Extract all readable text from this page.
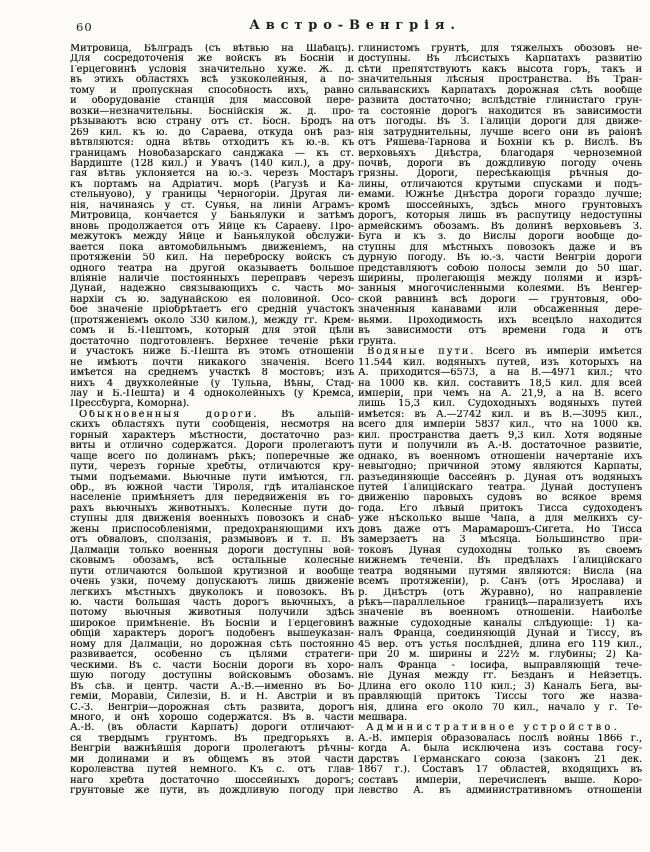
60	Австро-Венгрія.
Митровица, Бѣлградъ (съ вѣтвью на Шабацъ).
Для сосредоточенія же войскъ въ Босніи и
Герцеговинѣ условія значительно хуже. Ж. д.
въ этихъ областяхъ всѣ узкоколейныя, а по-
тому и пропускная способность ихъ, равно
и оборудованіе станцій для массовой пере-
возки—незначительны. Боснійскія ж. д. про-
рѣзываютъ всю страну отъ ст. Босн. Бродъ на
269 кил. къ ю. до Сараева, откуда онѣ раз-
вѣтвляются: одна вѣтвь отходитъ къ ю.-в. къ
границамъ Новобазарскаго санджака — къ ст.
Вардиште (128 кил.) и Увачъ (140 кил.), а дру-
гая вѣтвь уклоняется на ю.-з. черезъ Мостаръ
къ портамъ на Адріатич. морѣ (Рагузѣ и Ка-
стельнуово), у границы Черногоріи. Другая ли-
нія, начинаясь у ст. Сунья, на линіи Аграмъ-
Митровица, кончается у Баньялуки и затѣмъ
вновь продолжается отъ Яйце къ Сараеву. Про-
межутокъ между Яйце и Баньялукой обслужи-
вается пока автомобильнымъ движеніемъ, на
протяженіи 50 кил. На переброску войскъ съ
одного театра на другой оказываетъ большое
вліяніе наличіе постоянныхъ переправъ черезъ
Дунай, надежно связывающихъ с. часть мо-
нархіи съ ю. задунайскою ея половиной. Осо-
бое значеніе пріобрѣтаетъ его средній участокъ
(протяженіемъ около 330 килом.), между гг. Крем-
сомъ и Б.-Пештомъ, который для этой цѣли
достаточно подготовленъ. Верхнее теченіе рѣки
и участокъ ниже Б.-Пешта въ этомъ отношеніи
не имѣютъ почти никакого значенія. Всего
имѣется на среднемъ участкѣ 8 мостовъ; изъ
нихъ 4 двухколейные (у Тульна, Вѣны, Стад-
лау и Б.-Пешта) и 4 одноколейныхъ (у Кремса,
Прессбурга, Коморна).
Обыкновенныя дороги. Въ альпій-
скихъ областяхъ пути сообщенія, несмотря на
горный характеръ мѣстности, достаточно раз-
виты и отлично содержатся. Дороги пролегаютъ
чаще всего по долинамъ рѣкъ; поперечные же
пути, черезъ горные хребты, отличаются кру-
тыми подъемами. Вьючные пути имѣются, гл.
обр., въ южной части Тироля, гдѣ италіанское
населеніе примѣняетъ для передвиженія въ го-
рахъ вьючныхъ животныхъ. Колесные пути до-
ступны для движенія военныхъ повозокъ и снаб-
жены приспособленіями, предохраняющими ихъ
отъ обваловъ, сползанія, размывовъ и т. п. Въ
Далмаціи только военныя дороги доступны вой-
сковымъ обозамъ, всѣ остальные колесные
пути отличаются большой крутизной и вообще
очень узки, почему допускаютъ лишь движеніе
легкихъ мѣстныхъ двуколокъ и повозокъ. Въ
ю. части большая часть дорогъ вьючныхъ, а
потому вьючныя животныя получили здѣсь
широкое примѣненіе. Въ Босніи и Герцеговинѣ
общій характеръ дорогъ подобенъ вышеуказан-
ному для Далмаціи, но дорожная сѣть постоянно
развивается, особенно съ цѣлями стратеги-
ческими. Въ с. части Босніи дороги въ хоро-
шую погоду доступны войсковымъ обозамъ.
Въ сѣв. и центр. части А.-В.—именно въ Бо-
геміи, Моравіи, Силезіи, В. и Н. Австріи и въ
С.-З. Венгріи—дорожная сѣть развита, дорогъ
много, и онѣ хорошо содержатся. Въ в. части
А.-В. (въ области Карпатъ) дороги отличают-
ся твердымъ грунтомъ. Въ предгорьяхъ в.
Венгріи важнѣйшія дороги пролегаютъ рѣчны-
ми долинами и въ общемъ въ этой части
королевства путей немного. Къ с. отъ глав-
наго хребта достаточно шоссейныхъ дорогъ;
грунтовые же пути, въ дождливую погоду при
глинистомъ грунтѣ, для тяжелыхъ обозовъ не-
доступны. Въ лѣсистыхъ Карпатахъ развитію
сѣти препятствуютъ какъ высота горъ, такъ и
значительныя лѣсныя пространства. Въ Тран-
сильванскихъ Карпатахъ дорожная сѣть вообще
развита достаточно; вслѣдствіе глинистаго грун-
та состояніе дорогъ находится въ зависимости
отъ погоды. Въ З. Галиціи дороги для движе-
нія затруднительны, лучше всего они въ раіонѣ
отъ Ряшева-Тарнова и Бохніи къ р. Вислѣ. Въ
верховьяхъ Днѣстра, благодаря черноземной
почвѣ, дороги въ дождливую погоду очень
грязны. Дороги, пересѣкающія рѣчныя до-
лины, отличаются крутыми спусками и подъ-
емами. Южнѣе Днѣстра дороги гораздо лучше;
кромѣ шоссейныхъ, здѣсь много грунтовыхъ
дорогъ, которыя лишь въ распутицу недоступны
армейскимъ обозамъ. Въ долинѣ верховьевъ З.
Буга и къ з. до Вислы дороги вообще до-
ступны для мѣстныхъ повозокъ даже и въ
дурную погоду. Въ ю.-з. части Венгріи дороги
представляютъ собою полосы земли до 50 шаг.
ширины, пролегающія между полями и изрѣ-
занныя многочисленными колеями. Въ Венгер-
ской равнинѣ всѣ дороги — грунтовыя, обо-
значенныя канавами или обсаженныя дере-
вьями. Проходимость ихъ всецѣло находится
въ зависимости отъ времени года и отъ
грунта.
Водяные пути. Всего въ имперіи имѣется
11.544 кил. водяныхъ путей, изъ которыхъ на
А. приходится—6573, а на В.—4971 кил.; что
на 1000 кв. кил. составитъ 18,5 кил. для всей
имперіи, при чемъ на А. 21,9, а на В. всего
лишь 15,3 кил. Судоходныхъ водяныхъ путей
имѣется: въ А.—2742 кил. и въ В.—3095 кил.,
всего для имперіи 5837 кил., что на 1000 кв.
кил. пространства даетъ 9,3 кил. Хотя водяные
пути и получили въ А.-В. достаточное развитіе,
однако, въ военномъ отношеніи начертаніе ихъ
невыгодно; причиной этому являются Карпаты,
разъединяющіе бассейнъ р. Дуная отъ водяныхъ
путей Галиційскаго театра. Дунай доступенъ
движенію паровыхъ судовъ во всякое время
года. Его лѣвый притокъ Тисса судоходенъ
уже нѣсколько выше Чапа, а для мелкихъ су-
довъ даже отъ Марамарошъ-Сигета. Но Тисса
замерзаетъ на 3 мѣсяца. Большинство при-
токовъ Дуная судоходны только въ своемъ
нижнемъ теченіи. Въ предѣлахъ Галиційскаго
театра водяными путями являются: Висла (на
всемъ протяженіи), р. Санъ (отъ Ярослава) и
р. Днѣстръ (отъ Журавно), но направленіе
рѣкъ—параллельное границѣ—парализуетъ ихъ
значеніе въ военномъ отношеніи. Наиболѣе
важные судоходные каналы слѣдующіе: 1) ка-
налъ Франца, соединяющій Дунай и Тиссу, въ
45 вер. отъ устья послѣдней, длина его 119 кил.,
при 20 м. ширины и 22½ м. глубины; 2) Ка-
налъ Франца - Іосифа, выправляющій тече-
ніе Дуная между гг. Безданъ и Нейзетцъ.
Длина его около 110 кил.; 3) Каналъ Бега, вы-
правляющій притокъ Тиссы того же назва-
нія, длина его около 70 кил., начало у г. Те-
мешвара.
Административное устройство.
А.-В. имперія образовалась послѣ войны 1866 г.,
когда А. была исключена изъ состава госу-
дарствъ Германскаго союза (законъ 21 дек.
1867 г.). Составъ 17 областей, входящихъ въ
составъ имперіи, перечисленъ выше. Коро-
левство А. въ административномъ отношеніи
